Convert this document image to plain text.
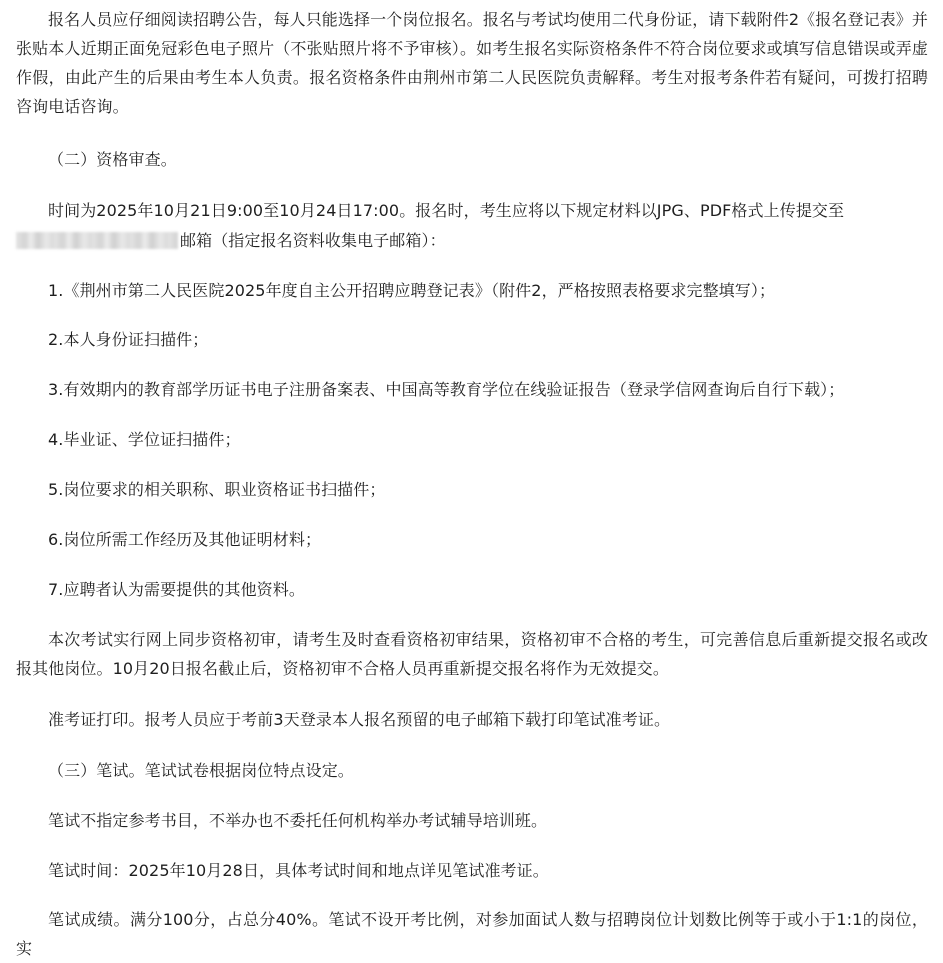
报名人员应仔细阅读招聘公告，每人只能选择一个岗位报名。报名与考试均使用二代身份证，请下载附件2《报名登记表》并张贴本人近期正面免冠彩色电子照片（不张贴照片将不予审核）。如考生报名实际资格条件不符合岗位要求或填写信息错误或弄虚作假，由此产生的后果由考生本人负责。报名资格条件由荆州市第二人民医院负责解释。考生对报考条件若有疑问，可拨打招聘咨询电话咨询。

（二）资格审查。

时间为2025年10月21日9:00至10月24日17:00。报名时，考生应将以下规定材料以JPG、PDF格式上传提交至

邮箱（指定报名资料收集电子邮箱）：

1.《荆州市第二人民医院2025年度自主公开招聘应聘登记表》（附件2，严格按照表格要求完整填写）；

2.本人身份证扫描件；

3.有效期内的教育部学历证书电子注册备案表、中国高等教育学位在线验证报告（登录学信网查询后自行下载）；

4.毕业证、学位证扫描件；

5.岗位要求的相关职称、职业资格证书扫描件；

6.岗位所需工作经历及其他证明材料；

7.应聘者认为需要提供的其他资料。

本次考试实行网上同步资格初审，请考生及时查看资格初审结果，资格初审不合格的考生，可完善信息后重新提交报名或改报其他岗位。10月20日报名截止后，资格初审不合格人员再重新提交报名将作为无效提交。

准考证打印。报考人员应于考前3天登录本人报名预留的电子邮箱下载打印笔试准考证。

（三）笔试。笔试试卷根据岗位特点设定。

笔试不指定参考书目，不举办也不委托任何机构举办考试辅导培训班。

笔试时间：2025年10月28日，具体考试时间和地点详见笔试准考证。

笔试成绩。满分100分，占总分40%。笔试不设开考比例，对参加面试人数与招聘岗位计划数比例等于或小于1:1的岗位，实
